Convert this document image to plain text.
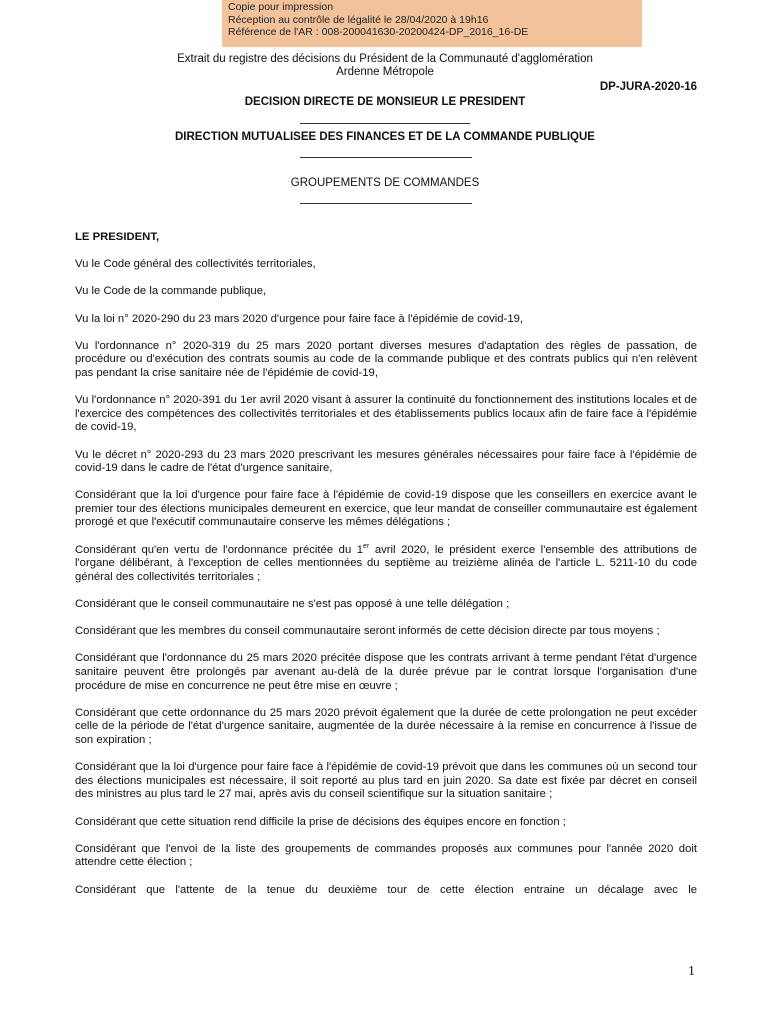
Copie pour impression
Réception au contrôle de légalité le 28/04/2020 à 19h16
Référence de l'AR : 008-200041630-20200424-DP_2016_16-DE
Extrait du registre des décisions du Président de la Communauté d'agglomération
Ardenne Métropole
DP-JURA-2020-16
DECISION DIRECTE DE MONSIEUR LE PRESIDENT
DIRECTION MUTUALISEE DES FINANCES ET DE LA COMMANDE PUBLIQUE
GROUPEMENTS DE COMMANDES

LE PRESIDENT,

Vu le Code général des collectivités territoriales,

Vu le Code de la commande publique,

Vu la loi n° 2020-290 du 23 mars 2020 d'urgence pour faire face à l'épidémie de covid-19,

Vu l'ordonnance n° 2020-319 du 25 mars 2020 portant diverses mesures d'adaptation des règles de passation, de procédure ou d'exécution des contrats soumis au code de la commande publique et des contrats publics qui n'en relèvent pas pendant la crise sanitaire née de l'épidémie de covid-19,

Vu l'ordonnance n° 2020-391 du 1er avril 2020 visant à assurer la continuité du fonctionnement des institutions locales et de l'exercice des compétences des collectivités territoriales et des établissements publics locaux afin de faire face à l'épidémie de covid-19,

Vu le décret n° 2020-293 du 23 mars 2020 prescrivant les mesures générales nécessaires pour faire face à l'épidémie de covid-19 dans le cadre de l'état d'urgence sanitaire,

Considérant que la loi d'urgence pour faire face à l'épidémie de covid-19 dispose que les conseillers en exercice avant le premier tour des élections municipales demeurent en exercice, que leur mandat de conseiller communautaire est également prorogé et que l'exécutif communautaire conserve les mêmes délégations ;

Considérant qu'en vertu de l'ordonnance précitée du 1er avril 2020, le président exerce l'ensemble des attributions de l'organe délibérant, à l'exception de celles mentionnées du septième au treizième alinéa de l'article L. 5211-10 du code général des collectivités territoriales ;

Considérant que le conseil communautaire ne s'est pas opposé à une telle délégation ;

Considérant que les membres du conseil communautaire seront informés de cette décision directe par tous moyens ;

Considérant que l'ordonnance du 25 mars 2020 précitée dispose que les contrats arrivant à terme pendant l'état d'urgence sanitaire peuvent être prolongés par avenant au-delà de la durée prévue par le contrat lorsque l'organisation d'une procédure de mise en concurrence ne peut être mise en œuvre ;

Considérant que cette ordonnance du 25 mars 2020 prévoit également que la durée de cette prolongation ne peut excéder celle de la période de l'état d'urgence sanitaire, augmentée de la durée nécessaire à la remise en concurrence à l'issue de son expiration ;

Considérant que la loi d'urgence pour faire face à l'épidémie de covid-19 prévoit que dans les communes où un second tour des élections municipales est nécessaire, il soit reporté au plus tard en juin 2020. Sa date est fixée par décret en conseil des ministres au plus tard le 27 mai, après avis du conseil scientifique sur la situation sanitaire ;

Considérant que cette situation rend difficile la prise de décisions des équipes encore en fonction ;

Considérant que l'envoi de la liste des groupements de commandes proposés aux communes pour l'année 2020 doit attendre cette élection ;

Considérant que l'attente de la tenue du deuxième tour de cette élection entraine un décalage avec le

1
